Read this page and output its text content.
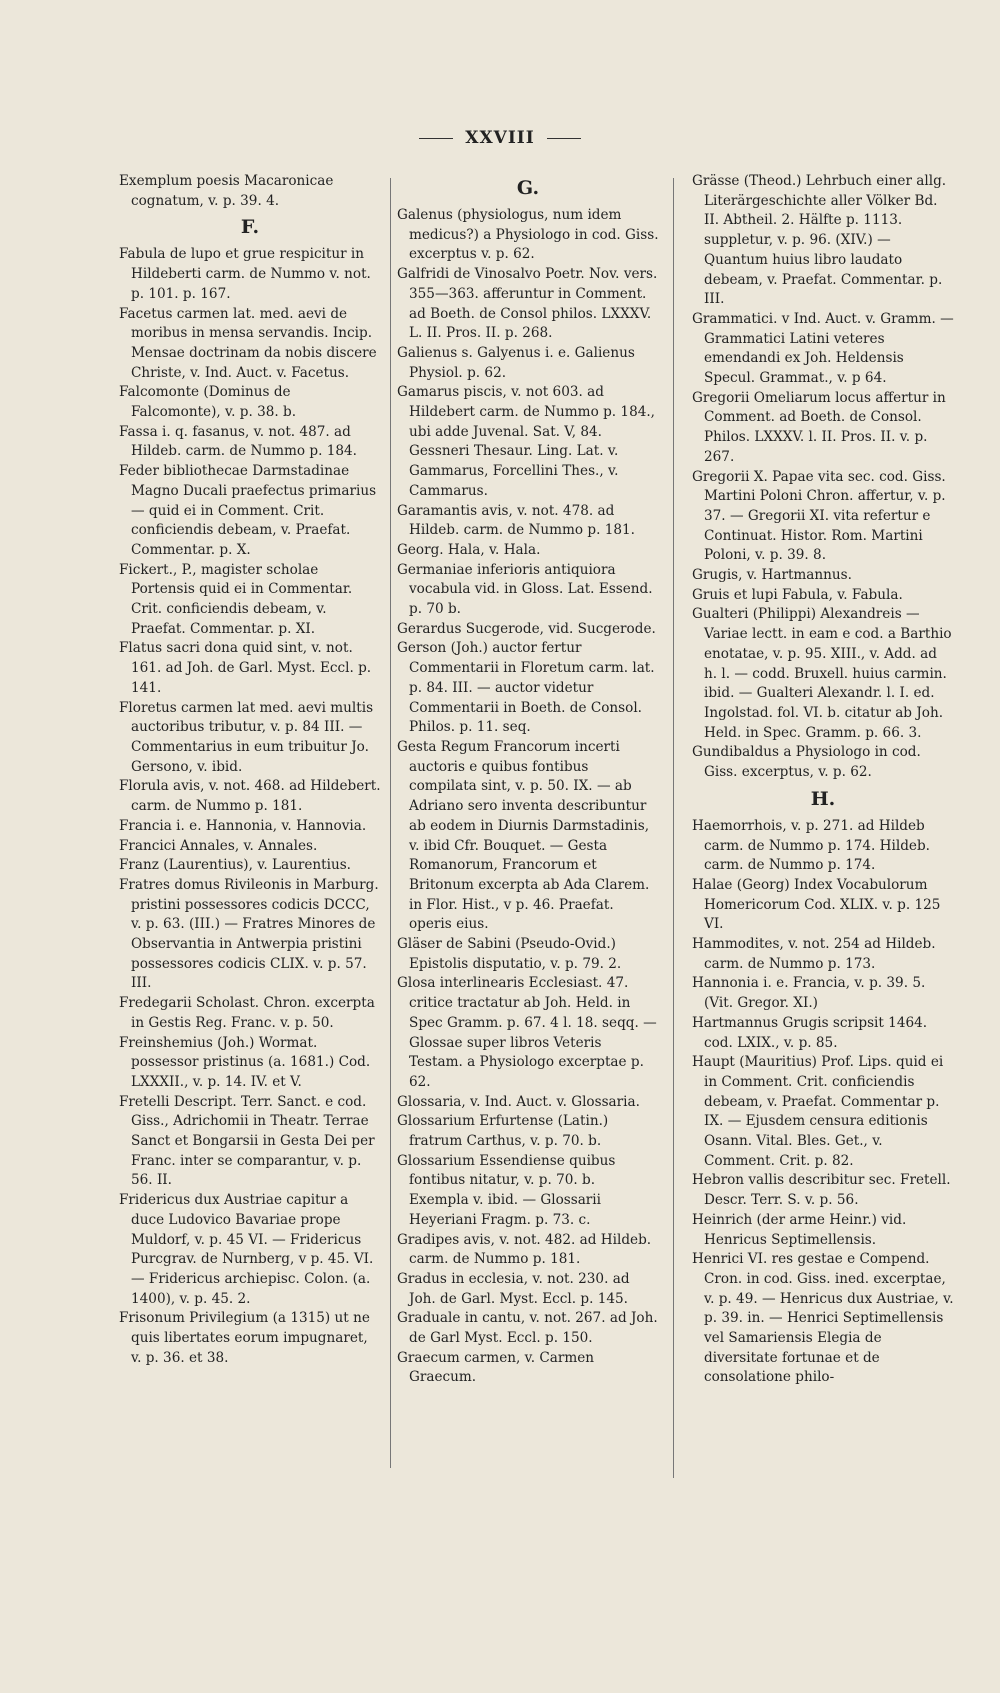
XXVIII

Exemplum poesis Macaronicae cognatum, v. p. 39. 4.

F.

Fabula de lupo et grue respicitur in Hildeberti carm. de Nummo v. not. p. 101. p. 167.

Facetus carmen lat. med. aevi de moribus in mensa servandis. Incip. Mensae doctrinam da nobis discere Christe, v. Ind. Auct. v. Facetus.

Falcomonte (Dominus de Falcomonte), v. p. 38. b.

Fassa i. q. fasanus, v. not. 487. ad Hildeb. carm. de Nummo p. 184.

Feder bibliothecae Darmstadinae Magno Ducali praefectus primarius — quid ei in Comment. Crit. conficiendis debeam, v. Praefat. Commentar. p. X.

Fickert., P., magister scholae Portensis quid ei in Commentar. Crit. conficiendis debeam, v. Praefat. Commentar. p. XI.

Flatus sacri dona quid sint, v. not. 161. ad Joh. de Garl. Myst. Eccl. p. 141.

Floretus carmen lat med. aevi multis auctoribus tributur, v. p. 84 III. — Commentarius in eum tribuitur Jo. Gersono, v. ibid.

Florula avis, v. not. 468. ad Hildebert. carm. de Nummo p. 181.

Francia i. e. Hannonia, v. Hannovia.

Francici Annales, v. Annales.

Franz (Laurentius), v. Laurentius.

Fratres domus Rivileonis in Marburg. pristini possessores codicis DCCC, v. p. 63. (III.) — Fratres Minores de Observantia in Antwerpia pristini possessores codicis CLIX. v. p. 57. III.

Fredegarii Scholast. Chron. excerpta in Gestis Reg. Franc. v. p. 50.

Freinshemius (Joh.) Wormat. possessor pristinus (a. 1681.) Cod. LXXXII., v. p. 14. IV. et V.

Fretelli Descript. Terr. Sanct. e cod. Giss., Adrichomii in Theatr. Terrae Sanct et Bongarsii in Gesta Dei per Franc. inter se comparantur, v. p. 56. II.

Fridericus dux Austriae capitur a duce Ludovico Bavariae prope Muldorf, v. p. 45 VI. — Fridericus Purcgrav. de Nurnberg, v p. 45. VI. — Fridericus archiepisc. Colon. (a. 1400), v. p. 45. 2.

Frisonum Privilegium (a 1315) ut ne quis libertates eorum impugnaret, v. p. 36. et 38.

G.

Galenus (physiologus, num idem medicus?) a Physiologo in cod. Giss. excerptus v. p. 62.

Galfridi de Vinosalvo Poetr. Nov. vers. 355—363. afferuntur in Comment. ad Boeth. de Consol philos. LXXXV. L. II. Pros. II. p. 268.

Galienus s. Galyenus i. e. Galienus Physiol. p. 62.

Gamarus piscis, v. not 603. ad Hildebert carm. de Nummo p. 184., ubi adde Juvenal. Sat. V, 84. Gessneri Thesaur. Ling. Lat. v. Gammarus, Forcellini Thes., v. Cammarus.

Garamantis avis, v. not. 478. ad Hildeb. carm. de Nummo p. 181.

Georg. Hala, v. Hala.

Germaniae inferioris antiquiora vocabula vid. in Gloss. Lat. Essend. p. 70 b.

Gerardus Sucgerode, vid. Sucgerode.

Gerson (Joh.) auctor fertur Commentarii in Floretum carm. lat. p. 84. III. — auctor videtur Commentarii in Boeth. de Consol. Philos. p. 11. seq.

Gesta Regum Francorum incerti auctoris e quibus fontibus compilata sint, v. p. 50. IX. — ab Adriano sero inventa describuntur ab eodem in Diurnis Darmstadinis, v. ibid Cfr. Bouquet. — Gesta Romanorum, Francorum et Britonum excerpta ab Ada Clarem. in Flor. Hist., v p. 46. Praefat. operis eius.

Gläser de Sabini (Pseudo-Ovid.) Epistolis disputatio, v. p. 79. 2.

Glosa interlinearis Ecclesiast. 47. critice tractatur ab Joh. Held. in Spec Gramm. p. 67. 4 l. 18. seqq. — Glossae super libros Veteris Testam. a Physiologo excerptae p. 62.

Glossaria, v. Ind. Auct. v. Glossaria.

Glossarium Erfurtense (Latin.) fratrum Carthus, v. p. 70. b.

Glossarium Essendiense quibus fontibus nitatur, v. p. 70. b. Exempla v. ibid. — Glossarii Heyeriani Fragm. p. 73. c.

Gradipes avis, v. not. 482. ad Hildeb. carm. de Nummo p. 181.

Gradus in ecclesia, v. not. 230. ad Joh. de Garl. Myst. Eccl. p. 145.

Graduale in cantu, v. not. 267. ad Joh. de Garl Myst. Eccl. p. 150.

Graecum carmen, v. Carmen Graecum.

Grässe (Theod.) Lehrbuch einer allg. Literärgeschichte aller Völker Bd. II. Abtheil. 2. Hälfte p. 1113. suppletur, v. p. 96. (XIV.) — Quantum huius libro laudato debeam, v. Praefat. Commentar. p. III.

Grammatici. v Ind. Auct. v. Gramm. — Grammatici Latini veteres emendandi ex Joh. Heldensis Specul. Grammat., v. p 64.

Gregorii Omeliarum locus affertur in Comment. ad Boeth. de Consol. Philos. LXXXV. l. II. Pros. II. v. p. 267.

Gregorii X. Papae vita sec. cod. Giss. Martini Poloni Chron. affertur, v. p. 37. — Gregorii XI. vita refertur e Continuat. Histor. Rom. Martini Poloni, v. p. 39. 8.

Grugis, v. Hartmannus.

Gruis et lupi Fabula, v. Fabula.

Gualteri (Philippi) Alexandreis — Variae lectt. in eam e cod. a Barthio enotatae, v. p. 95. XIII., v. Add. ad h. l. — codd. Bruxell. huius carmin. ibid. — Gualteri Alexandr. l. I. ed. Ingolstad. fol. VI. b. citatur ab Joh. Held. in Spec. Gramm. p. 66. 3.

Gundibaldus a Physiologo in cod. Giss. excerptus, v. p. 62.

H.

Haemorrhois, v. p. 271. ad Hildeb carm. de Nummo p. 174. Hildeb. carm. de Nummo p. 174.

Halae (Georg) Index Vocabulorum Homericorum Cod. XLIX. v. p. 125 VI.

Hammodites, v. not. 254 ad Hildeb. carm. de Nummo p. 173.

Hannonia i. e. Francia, v. p. 39. 5. (Vit. Gregor. XI.)

Hartmannus Grugis scripsit 1464. cod. LXIX., v. p. 85.

Haupt (Mauritius) Prof. Lips. quid ei in Comment. Crit. conficiendis debeam, v. Praefat. Commentar p. IX. — Ejusdem censura editionis Osann. Vital. Bles. Get., v. Comment. Crit. p. 82.

Hebron vallis describitur sec. Fretell. Descr. Terr. S. v. p. 56.

Heinrich (der arme Heinr.) vid. Henricus Septimellensis.

Henrici VI. res gestae e Compend. Cron. in cod. Giss. ined. excerptae, v. p. 49. — Henricus dux Austriae, v. p. 39. in. — Henrici Septimellensis vel Samariensis Elegia de diversitate fortunae et de consolatione philo-
